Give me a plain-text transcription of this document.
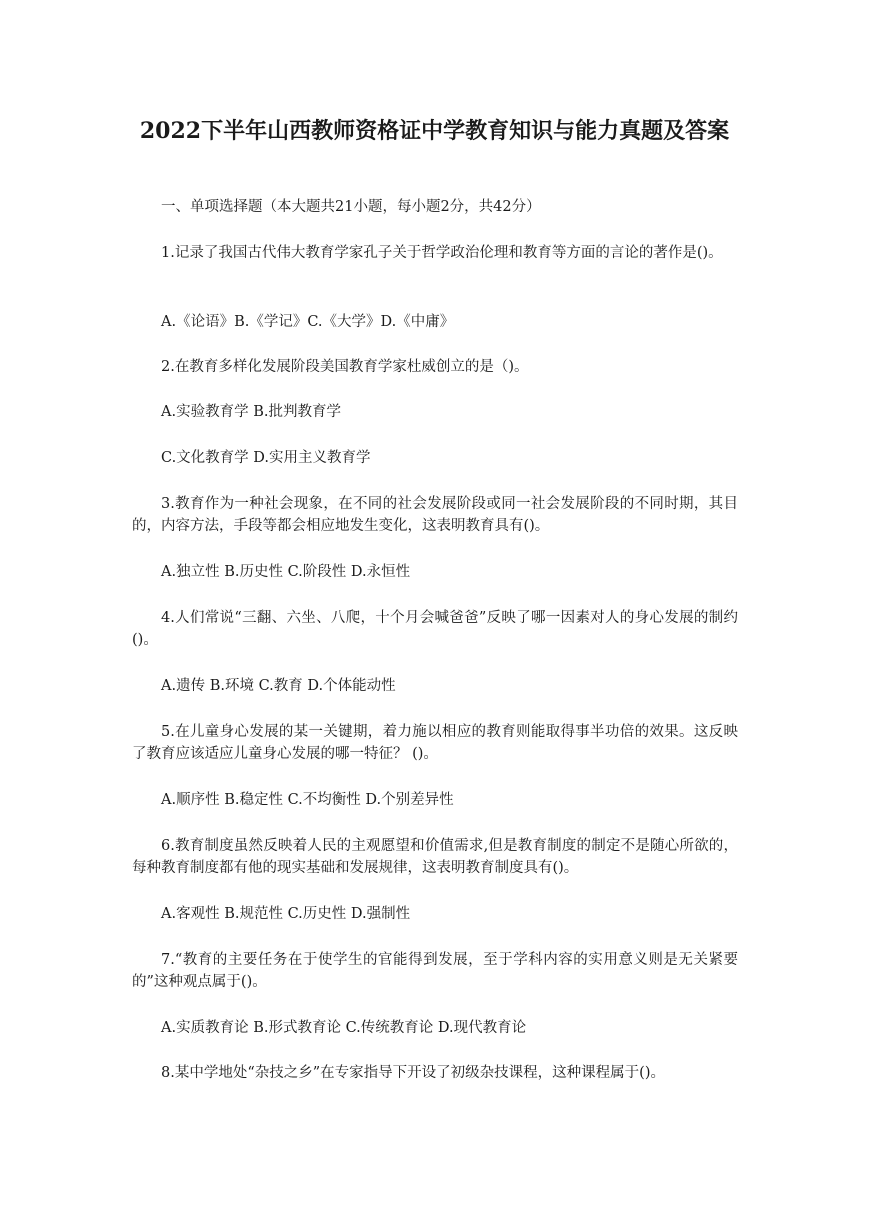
2022下半年山西教师资格证中学教育知识与能力真题及答案
一、单项选择题（本大题共21小题，每小题2分，共42分）
1.记录了我国古代伟大教育学家孔子关于哲学政治伦理和教育等方面的言论的著作是()。
A.《论语》B.《学记》C.《大学》D.《中庸》
2.在教育多样化发展阶段美国教育学家杜威创立的是（)。
A.实验教育学 B.批判教育学
C.文化教育学 D.实用主义教育学
3.教育作为一种社会现象，在不同的社会发展阶段或同一社会发展阶段的不同时期，其目的，内容方法，手段等都会相应地发生变化，这表明教育具有()。
A.独立性 B.历史性 C.阶段性 D.永恒性
4.人们常说“三翻、六坐、八爬，十个月会喊爸爸”反映了哪一因素对人的身心发展的制约()。
A.遗传 B.环境 C.教育 D.个体能动性
5.在儿童身心发展的某一关键期，着力施以相应的教育则能取得事半功倍的效果。这反映了教育应该适应儿童身心发展的哪一特征？ ()。
A.顺序性 B.稳定性 C.不均衡性 D.个别差异性
6.教育制度虽然反映着人民的主观愿望和价值需求,但是教育制度的制定不是随心所欲的，每种教育制度都有他的现实基础和发展规律，这表明教育制度具有()。
A.客观性 B.规范性 C.历史性 D.强制性
7.“教育的主要任务在于使学生的官能得到发展，至于学科内容的实用意义则是无关紧要的”这种观点属于()。
A.实质教育论 B.形式教育论 C.传统教育论 D.现代教育论
8.某中学地处“杂技之乡”在专家指导下开设了初级杂技课程，这种课程属于()。
